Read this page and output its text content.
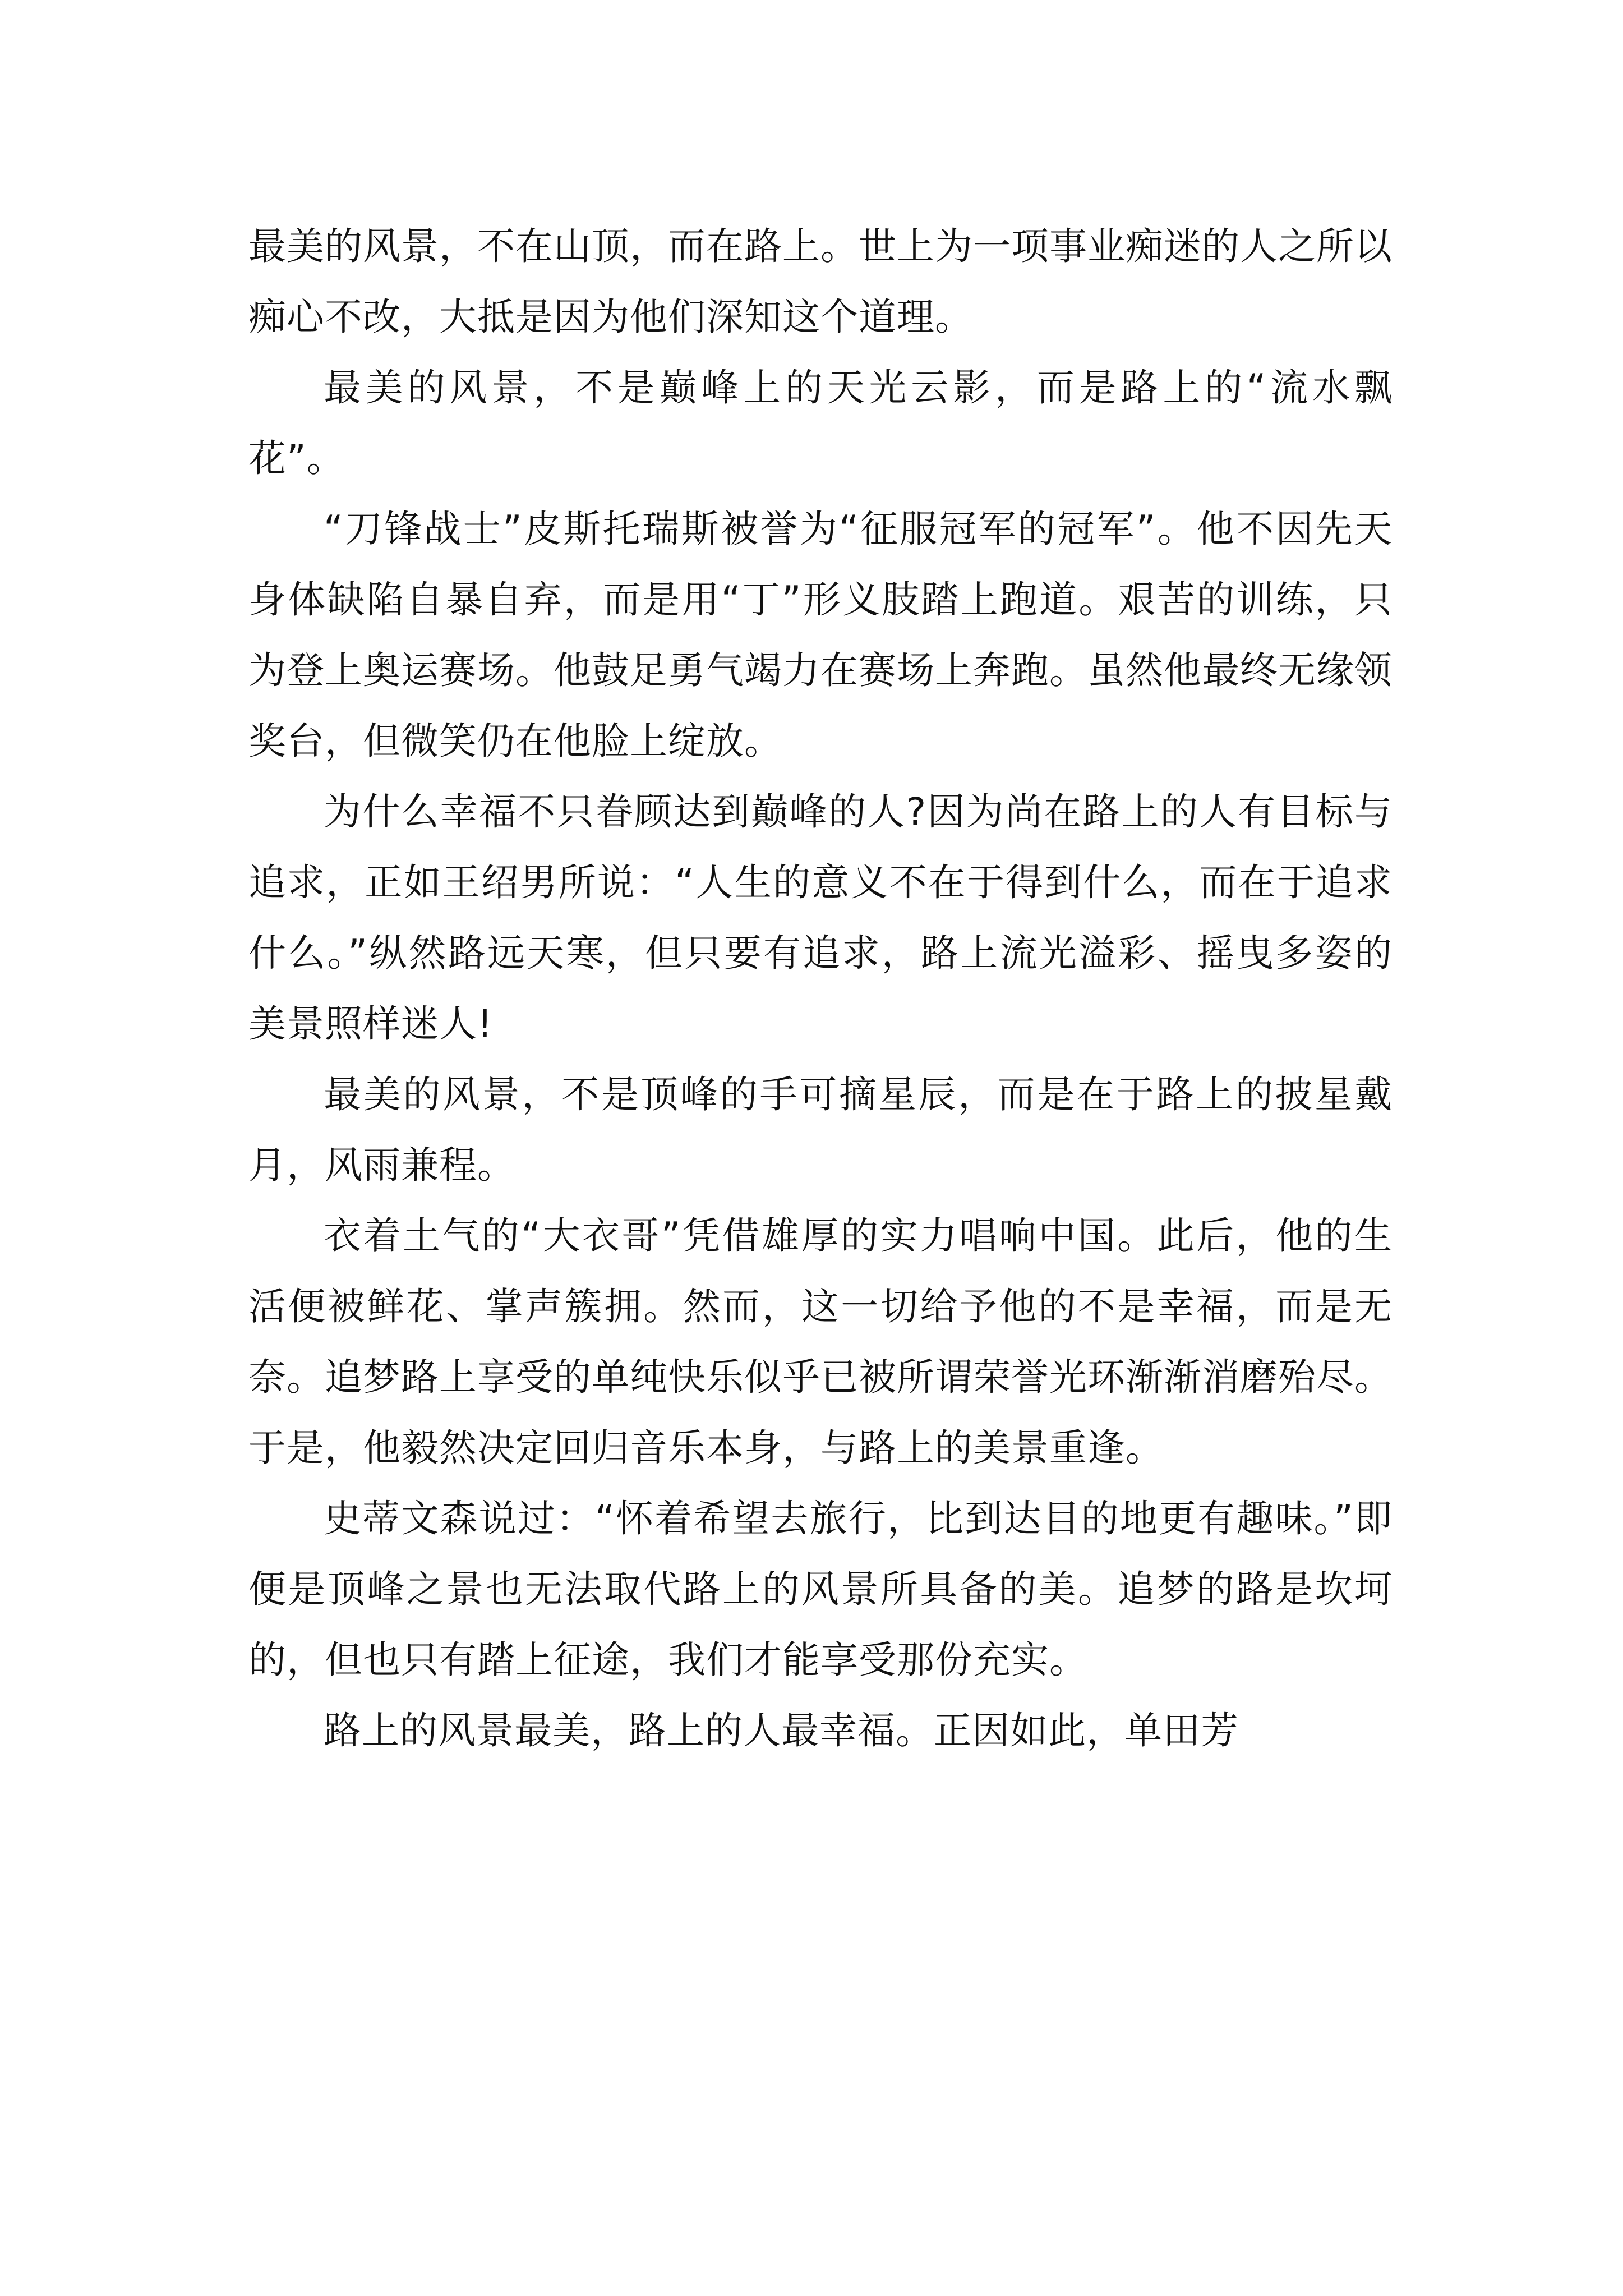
最美的风景，不在山顶，而在路上。世上为一项事业痴迷的人之所以痴心不改，大抵是因为他们深知这个道理。

最美的风景，不是巅峰上的天光云影，而是路上的“流水飘花”。

“刀锋战士”皮斯托瑞斯被誉为“征服冠军的冠军”。他不因先天身体缺陷自暴自弃，而是用“丁”形义肢踏上跑道。艰苦的训练，只为登上奥运赛场。他鼓足勇气竭力在赛场上奔跑。虽然他最终无缘领奖台，但微笑仍在他脸上绽放。

为什么幸福不只眷顾达到巅峰的人?因为尚在路上的人有目标与追求，正如王绍男所说：“人生的意义不在于得到什么，而在于追求什么。”纵然路远天寒，但只要有追求，路上流光溢彩、摇曳多姿的美景照样迷人!

最美的风景，不是顶峰的手可摘星辰，而是在于路上的披星戴月，风雨兼程。

衣着土气的“大衣哥”凭借雄厚的实力唱响中国。此后，他的生活便被鲜花、掌声簇拥。然而，这一切给予他的不是幸福，而是无奈。追梦路上享受的单纯快乐似乎已被所谓荣誉光环渐渐消磨殆尽。于是，他毅然决定回归音乐本身，与路上的美景重逢。

史蒂文森说过：“怀着希望去旅行，比到达目的地更有趣味。”即便是顶峰之景也无法取代路上的风景所具备的美。追梦的路是坎坷的，但也只有踏上征途，我们才能享受那份充实。

路上的风景最美，路上的人最幸福。正因如此，单田芳
